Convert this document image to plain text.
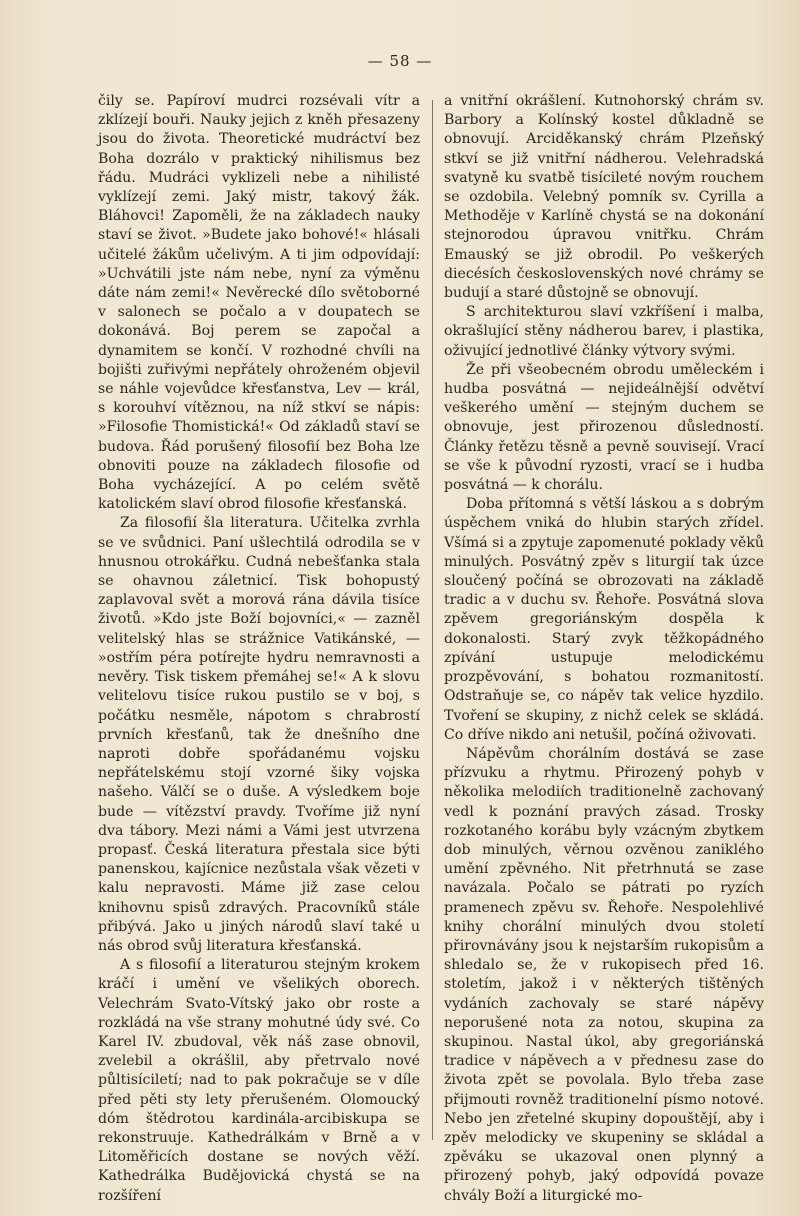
— 58 —

čily se. Papíroví mudrci rozsévali vítr a zklízejí bouři. Nauky jejich z kněh přesazeny jsou do života. Theoretické mudráctví bez Boha dozrálo v praktický nihilismus bez řádu. Mudráci vyklizeli nebe a nihilisté vyklízejí zemi. Jaký mistr, takový žák. Bláhovci! Zapoměli, že na základech nauky staví se život. »Budete jako bohové!« hlásali učitelé žákům učelivým. A ti jim odpovídají: »Uchvátili jste nám nebe, nyní za výměnu dáte nám zemi!« Nevěrecké dílo světoborné v salonech se počalo a v doupatech se dokonává. Boj perem se započal a dynamitem se končí. V rozhodné chvíli na bojišti zuřivými nepřátely ohroženém objevil se náhle vojevůdce křesťanstva, Lev — král, s korouhví vítěznou, na níž stkví se nápis: »Filosofie Thomistická!« Od základů staví se budova. Řád porušený filosofií bez Boha lze obnoviti pouze na základech filosofie od Boha vycházející. A po celém světě katolickém slaví obrod filosofie křesťanská.

Za filosofií šla literatura. Učitelka zvrhla se ve svůdnici. Paní ušlechtilá odrodila se v hnusnou otrokářku. Cudná nebešťanka stala se ohavnou záletnicí. Tisk bohopustý zaplavoval svět a morová rána dávila tisíce životů. »Kdo jste Boží bojovníci,« — zazněl velitelský hlas se strážnice Vatikánské, — »ostřím péra potírejte hydru nemravnosti a nevěry. Tisk tiskem přemáhej se!« A k slovu velitelovu tisíce rukou pustilo se v boj, s počátku nesměle, nápotom s chrabrostí prvních křesťanů, tak že dnešního dne naproti dobře spořádanému vojsku nepřátelskému stojí vzorné šiky vojska našeho. Válčí se o duše. A výsledkem boje bude — vítězství pravdy. Tvoříme již nyní dva tábory. Mezi námi a Vámi jest utvrzena propasť. Česká literatura přestala sice býti panenskou, kajícnice nezůstala však vězeti v kalu nepravosti. Máme již zase celou knihovnu spisů zdravých. Pracovníků stále přibývá. Jako u jiných národů slaví také u nás obrod svůj literatura křesťanská.

A s filosofií a literaturou stejným krokem kráčí i umění ve všelikých oborech. Velechrám Svato-Vítský jako obr roste a rozkládá na vše strany mohutné údy své. Co Karel IV. zbudoval, věk náš zase obnovil, zvelebil a okrášlil, aby přetrvalo nové půltisíciletí; nad to pak pokračuje se v díle před pěti sty lety přerušeném. Olomoucký dóm štědrotou kardinála-arcibiskupa se rekonstruuje. Kathedrálkám v Brně a v Litoměřicích dostane se nových věží. Kathedrálka Budějovická chystá se na rozšíření

a vnitřní okrášlení. Kutnohorský chrám sv. Barbory a Kolínský kostel důkladně se obnovují. Arciděkanský chrám Plzeňský stkví se již vnitřní nádherou. Velehradská svatyně ku svatbě tisícileté novým rouchem se ozdobila. Velebný pomník sv. Cyrilla a Methoděje v Karlíně chystá se na dokonání stejnorodou úpravou vnitřku. Chrám Emauský se již obrodil. Po veškerých diecésích československých nové chrámy se budují a staré důstojně se obnovují.

S architekturou slaví vzkříšení i malba, okrašlující stěny nádherou barev, i plastika, oživující jednotlivé články výtvory svými.

Že při všeobecném obrodu uměleckém i hudba posvátná — nejideálnější odvětví veškerého umění — stejným duchem se obnovuje, jest přirozenou důsledností. Články řetězu těsně a pevně souvisejí. Vrací se vše k původní ryzosti, vrací se i hudba posvátná — k chorálu.

Doba přítomná s větší láskou a s dobrým úspěchem vniká do hlubin starých zřídel. Všímá si a zpytuje zapomenuté poklady věků minulých. Posvátný zpěv s liturgií tak úzce sloučený počíná se obrozovati na základě tradic a v duchu sv. Řehoře. Posvátná slova zpěvem gregoriánským dospěla k dokonalosti. Starý zvyk těžkopádného zpívání ustupuje melodickému prozpěvování, s bohatou rozmanitostí. Odstraňuje se, co nápěv tak velice hyzdilo. Tvoření se skupiny, z nichž celek se skládá. Co dříve nikdo ani netušil, počíná oživovati.

Nápěvům chorálním dostává se zase přízvuku a rhytmu. Přirozený pohyb v několika melodiích traditionelně zachovaný vedl k poznání pravých zásad. Trosky rozkotaného korábu byly vzácným zbytkem dob minulých, věrnou ozvěnou zaniklého umění zpěvného. Nit přetrhnutá se zase navázala. Počalo se pátrati po ryzích pramenech zpěvu sv. Řehoře. Nespolehlivé knihy chorální minulých dvou století přirovnávány jsou k nejstarším rukopisům a shledalo se, že v rukopisech před 16. stoletím, jakož i v některých tištěných vydáních zachovaly se staré nápěvy neporušené nota za notou, skupina za skupinou. Nastal úkol, aby gregoriánská tradice v nápěvech a v přednesu zase do života zpět se povolala. Bylo třeba zase přijmouti rovněž traditionelní písmo notové. Nebo jen zřetelné skupiny dopouštějí, aby i zpěv melodicky ve skupeniny se skládal a zpěváku se ukazoval onen plynný a přirozený pohyb, jaký odpovídá povaze chvály Boží a liturgické mo-
